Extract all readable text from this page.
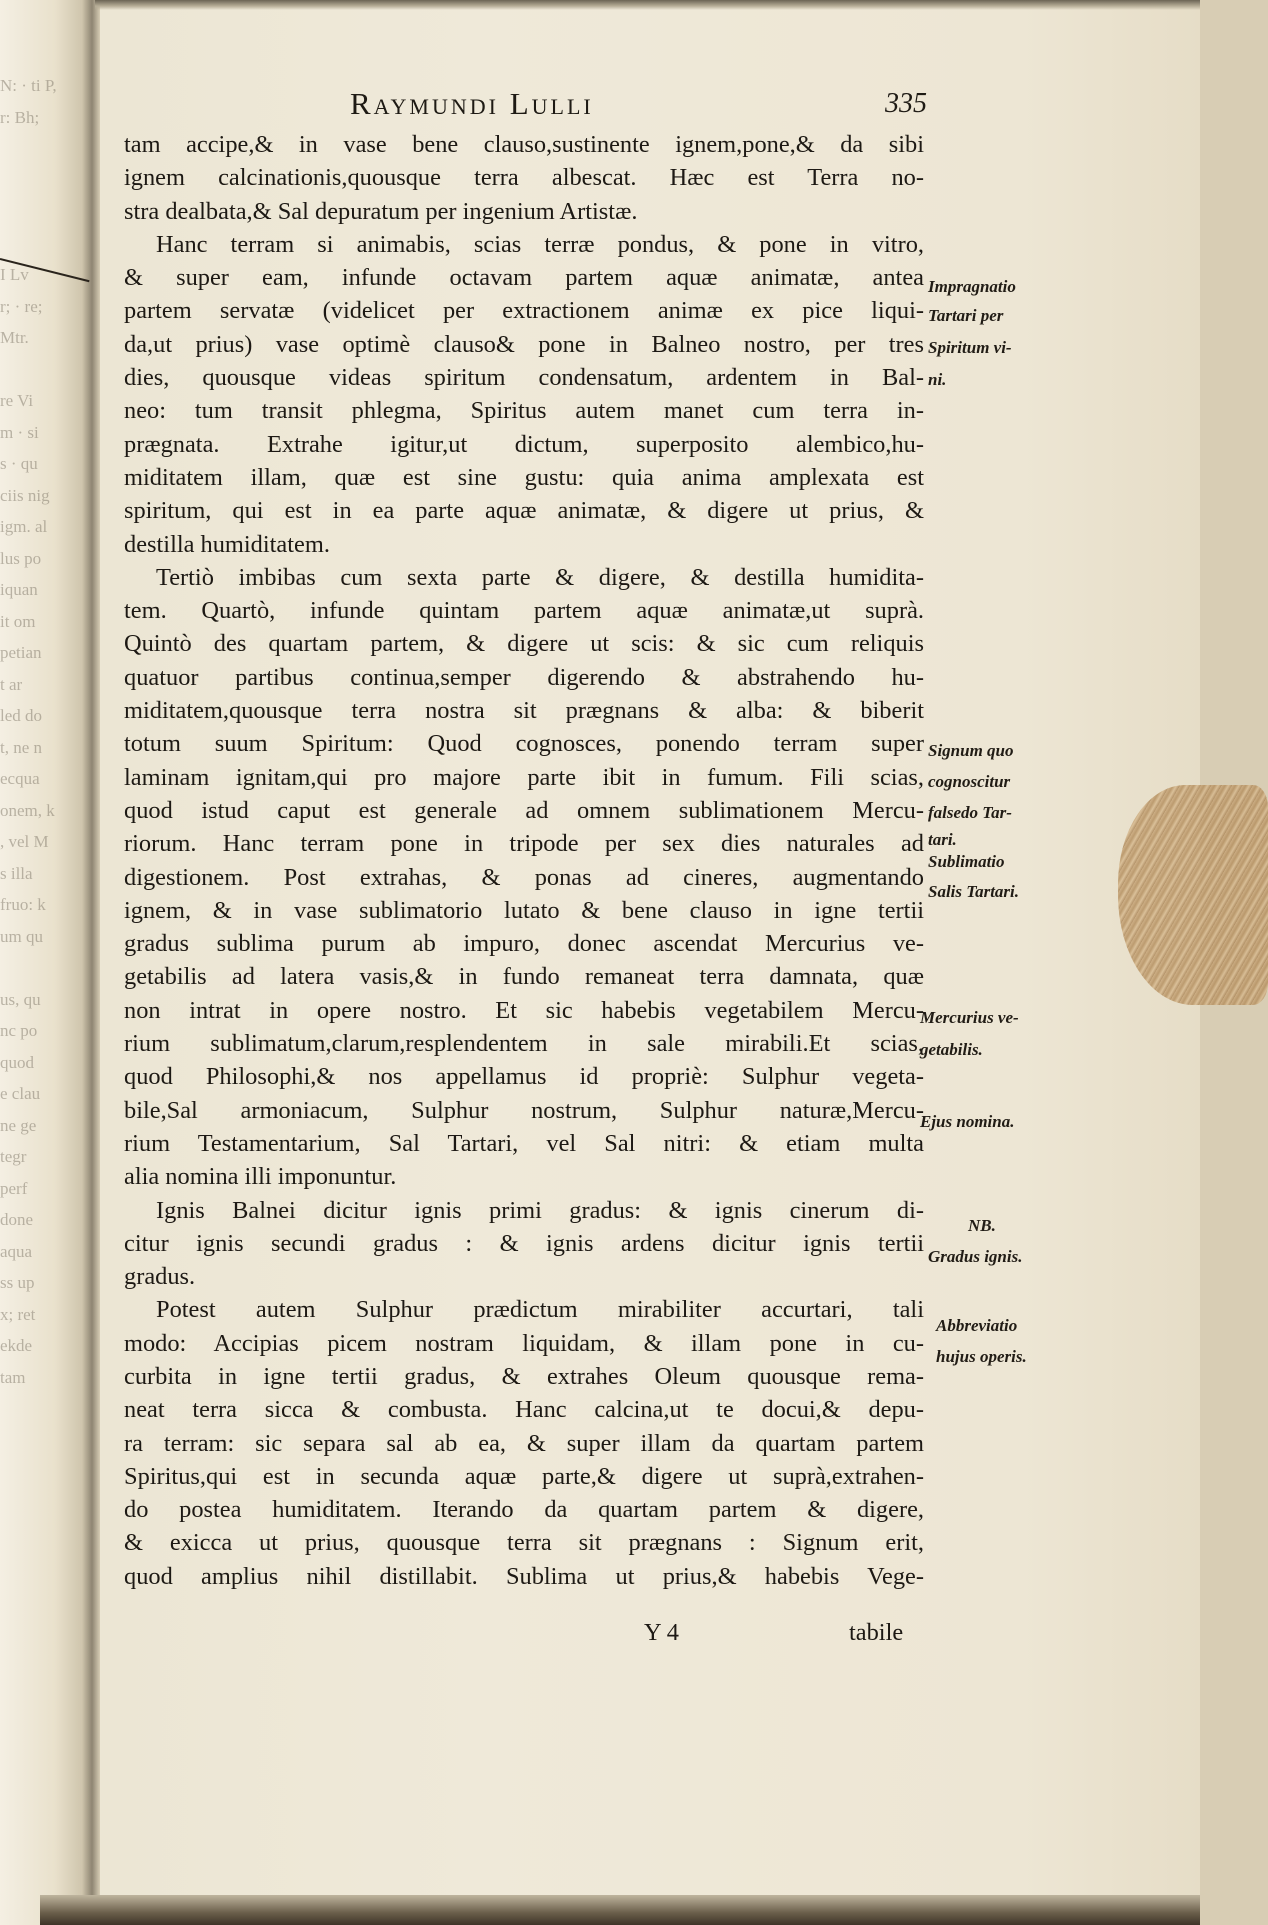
N: · ti P,
r: Bh;

I Lv
r; · re;
Mtr.

re Vi
m · si
s · qu
ciis nig
igm. al
lus po
iquan
it om
petian
t ar
led do
t, ne n
ecqua
onem, k
, vel M
s illa
fruo: k
um qu

us, qu
nc po
quod
e clau
ne ge
tegr
perf
done
aqua
ss up
x; ret
ekde
tam
Raymundi Lulli	335
tam accipe,& in vase bene clauso,sustinente ignem,pone,& da sibi
ignem calcinationis,quousque terra albescat. Hæc est Terra no-
stra dealbata,& Sal depuratum per ingenium Artistæ.
Hanc terram si animabis, scias terræ pondus, & pone in vitro,
& super eam, infunde octavam partem aquæ animatæ, antea
partem servatæ (videlicet per extractionem animæ ex pice liqui-
da,ut prius) vase optimè clauso& pone in Balneo nostro, per tres
dies, quousque videas spiritum condensatum, ardentem in Bal-
neo: tum transit phlegma, Spiritus autem manet cum terra in-
prægnata. Extrahe igitur,ut dictum, superposito alembico,hu-
miditatem illam, quæ est sine gustu: quia anima amplexata est
spiritum, qui est in ea parte aquæ animatæ, & digere ut prius, &
destilla humiditatem.
Tertiò imbibas cum sexta parte & digere, & destilla humidita-
tem. Quartò, infunde quintam partem aquæ animatæ,ut suprà.
Quintò des quartam partem, & digere ut scis: & sic cum reliquis
quatuor partibus continua,semper digerendo & abstrahendo hu-
miditatem,quousque terra nostra sit prægnans & alba: & biberit
totum suum Spiritum: Quod cognosces, ponendo terram super
laminam ignitam,qui pro majore parte ibit in fumum. Fili scias,
quod istud caput est generale ad omnem sublimationem Mercu-
riorum. Hanc terram pone in tripode per sex dies naturales ad
digestionem. Post extrahas, & ponas ad cineres, augmentando
ignem, & in vase sublimatorio lutato & bene clauso in igne tertii
gradus sublima purum ab impuro, donec ascendat Mercurius ve-
getabilis ad latera vasis,& in fundo remaneat terra damnata, quæ
non intrat in opere nostro. Et sic habebis vegetabilem Mercu-
rium sublimatum,clarum,resplendentem in sale mirabili.Et scias,
quod Philosophi,& nos appellamus id propriè: Sulphur vegeta-
bile,Sal armoniacum, Sulphur nostrum, Sulphur naturæ,Mercu-
rium Testamentarium, Sal Tartari, vel Sal nitri: & etiam multa
alia nomina illi imponuntur.
Ignis Balnei dicitur ignis primi gradus: & ignis cinerum di-
citur ignis secundi gradus : & ignis ardens dicitur ignis tertii
gradus.
Potest autem Sulphur prædictum mirabiliter accurtari, tali
modo: Accipias picem nostram liquidam, & illam pone in cu-
curbita in igne tertii gradus, & extrahes Oleum quousque rema-
neat terra sicca & combusta. Hanc calcina,ut te docui,& depu-
ra terram: sic separa sal ab ea, & super illam da quartam partem
Spiritus,qui est in secunda aquæ parte,& digere ut suprà,extrahen-
do postea humiditatem. Iterando da quartam partem & digere,
& exicca ut prius, quousque terra sit prægnans : Signum erit,
quod amplius nihil distillabit. Sublima ut prius,& habebis Vege-
Impragnatio
Tartari per
Spiritum vi-
ni.
Signum quo
cognoscitur
falsedo Tar-
tari.
Sublimatio
Salis Tartari.
Mercurius ve-
getabilis.
Ejus nomina.
NB.
Gradus ignis.
Abbreviatio
hujus operis.
Y 4	tabile
